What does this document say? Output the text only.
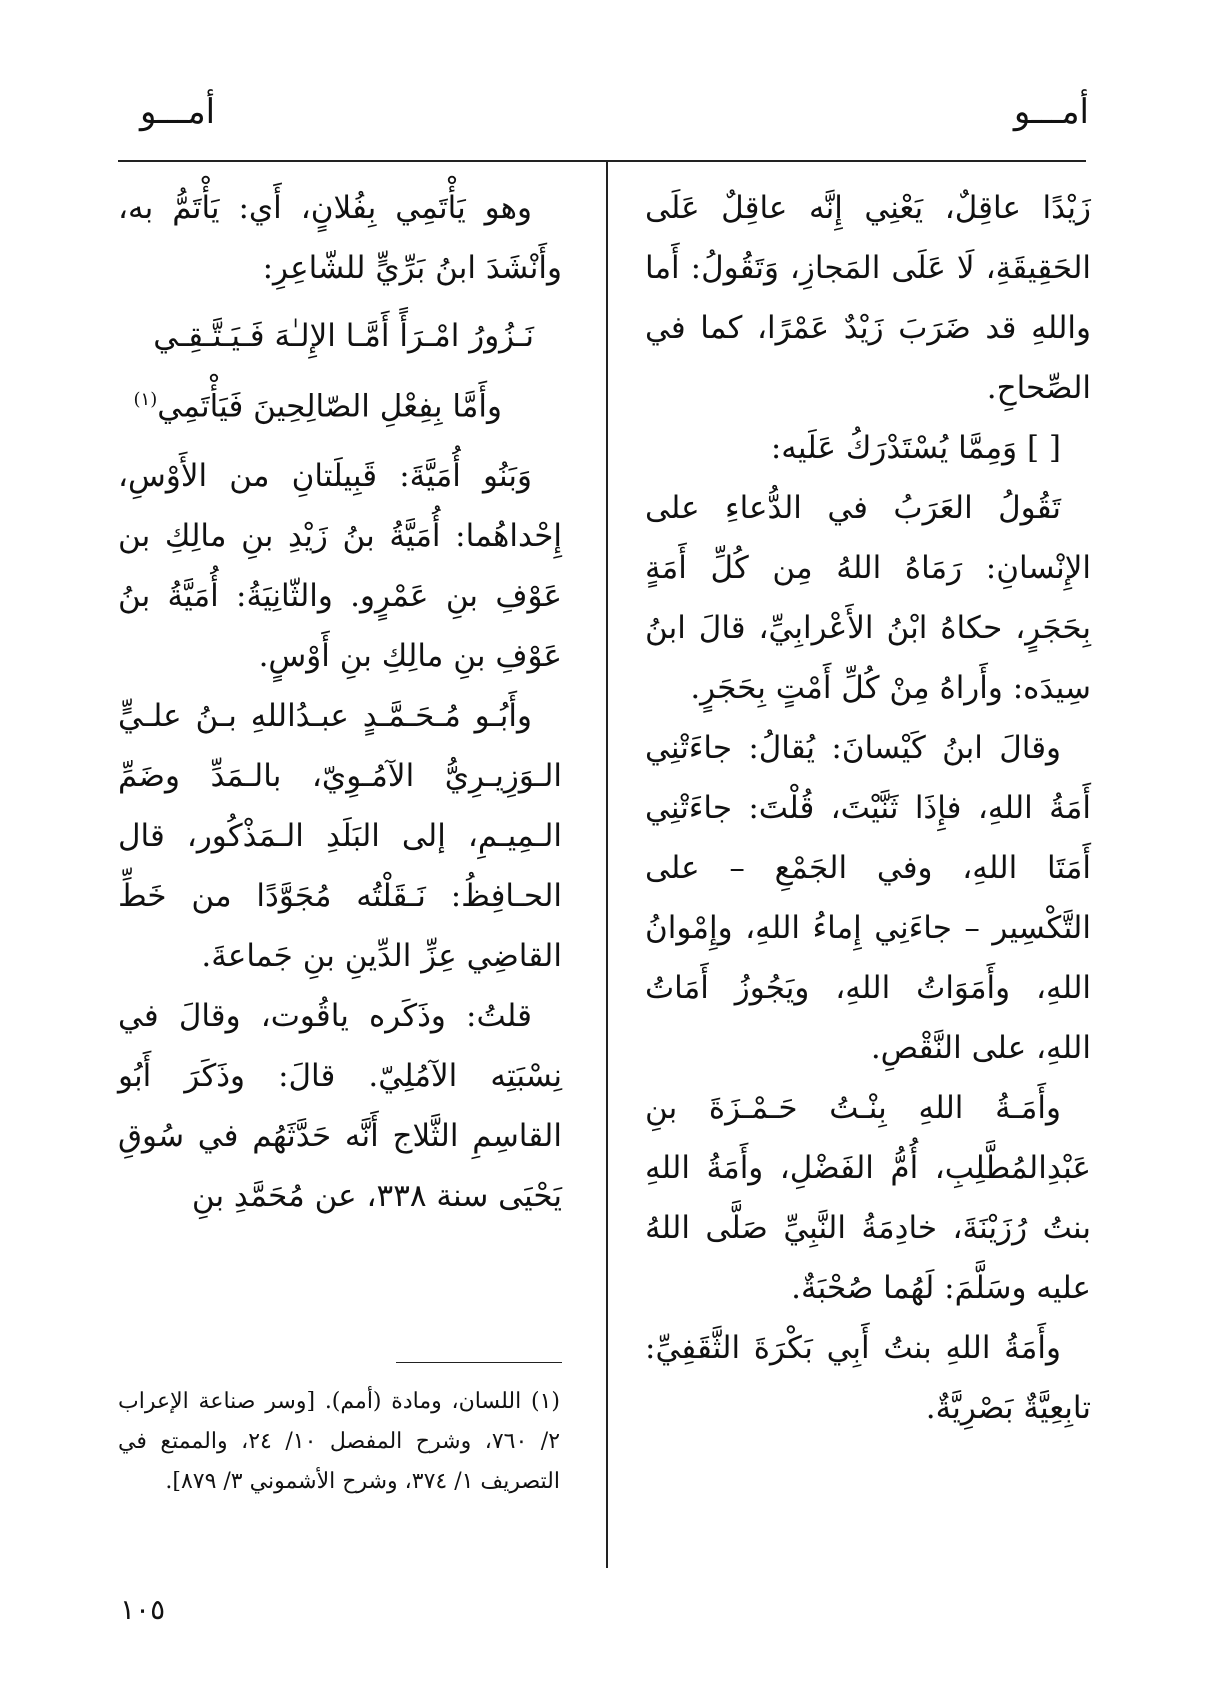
أمـــو
أمـــو

زَيْدًا عاقِلٌ، يَعْنِي إِنَّه عاقِلٌ عَلَى الحَقِيقَةِ، لَا عَلَى المَجازِ، وَتَقُولُ: أَما واللهِ قد ضَرَبَ زَيْدٌ عَمْرًا، كما في الصِّحاحِ.

[ ] وَمِمَّا يُسْتَدْرَكُ عَلَيه:

تَقُولُ العَرَبُ في الدُّعاءِ على الإِنْسانِ: رَمَاهُ اللهُ مِن كُلِّ أَمَةٍ بِحَجَرٍ، حكاهُ ابْنُ الأَعْرابِيِّ، قالَ ابنُ سِيدَه: وأَراهُ مِنْ كُلِّ أَمْتٍ بِحَجَرٍ.

وقالَ ابنُ كَيْسانَ: يُقالُ: جاءَتْنِي أَمَةُ اللهِ، فإِذَا ثَنَّيْتَ، قُلْتَ: جاءَتْنِي أَمَتَا اللهِ، وفي الجَمْعِ – على التَّكْسِير – جاءَنِي إِماءُ اللهِ، وإِمْوانُ اللهِ، وأَمَوَاتُ اللهِ، ويَجُوزُ أَمَاتُ اللهِ، على النَّقْصِ.

وأَمَـةُ اللهِ بِنْـتُ حَـمْـزَةَ بنِ عَبْدِالمُطَّلِبِ، أُمُّ الفَضْلِ، وأَمَةُ اللهِ بنتُ رُزَيْنَةَ، خادِمَةُ النَّبِيِّ صَلَّى اللهُ عليه وسَلَّمَ: لَهُما صُحْبَةٌ.

وأَمَةُ اللهِ بنتُ أَبِي بَكْرَةَ الثَّقَفِيِّ: تابِعِيَّةٌ بَصْرِيَّةٌ.

وهو يَأْتَمِي بِفُلانٍ، أَي: يَأْتَمُّ به، وأَنْشَدَ ابنُ بَرِّيٍّ للشّاعِرِ:

نَـزُورُ امْـرَأً أَمَّـا الإِلـٰهَ فَـيَـتَّـقِـي
وأَمَّا بِفِعْلِ الصّالِحِينَ فَيَأْتَمِي$^{(١)}$

وَبَنُو أُمَيَّةَ: قَبِيلَتانِ من الأَوْسِ، إِحْداهُما: أُمَيَّةُ بنُ زَيْدِ بنِ مالِكِ بن عَوْفِ بنِ عَمْرٍو. والثّانِيَةُ: أُمَيَّةُ بنُ عَوْفِ بنِ مالِكِ بنِ أَوْسٍ.

وأَبُـو مُـحَـمَّـدٍ عبـدُاللهِ بـنُ علـيٍّ الـوَزِيـرِيُّ الآمُـوِيّ، بالـمَدِّ وضَمِّ الـمِيـمِ، إلى البَلَدِ الـمَذْكُور، قال الحـافِظُ: نَـقَلْتُه مُجَوَّدًا من خَطِّ القاضِي عِزِّ الدِّينِ بنِ جَماعةَ.

قلتُ: وذَكَره ياقُوت، وقالَ في نِسْبَتِه الآمُلِيّ. قالَ: وذَكَرَ أَبُو القاسِمِ الثَّلاج أَنَّه حَدَّثَهُم في سُوقِ يَحْيَى سنة ٣٣٨، عن مُحَمَّدِ بنِ

(١) اللسان، ومادة (أمم). [وسر صناعة الإعراب ٢/ ٧٦٠، وشرح المفصل ١٠/ ٢٤، والممتع في التصريف ١/ ٣٧٤، وشرح الأشموني ٣/ ٨٧٩].
١٠٥
